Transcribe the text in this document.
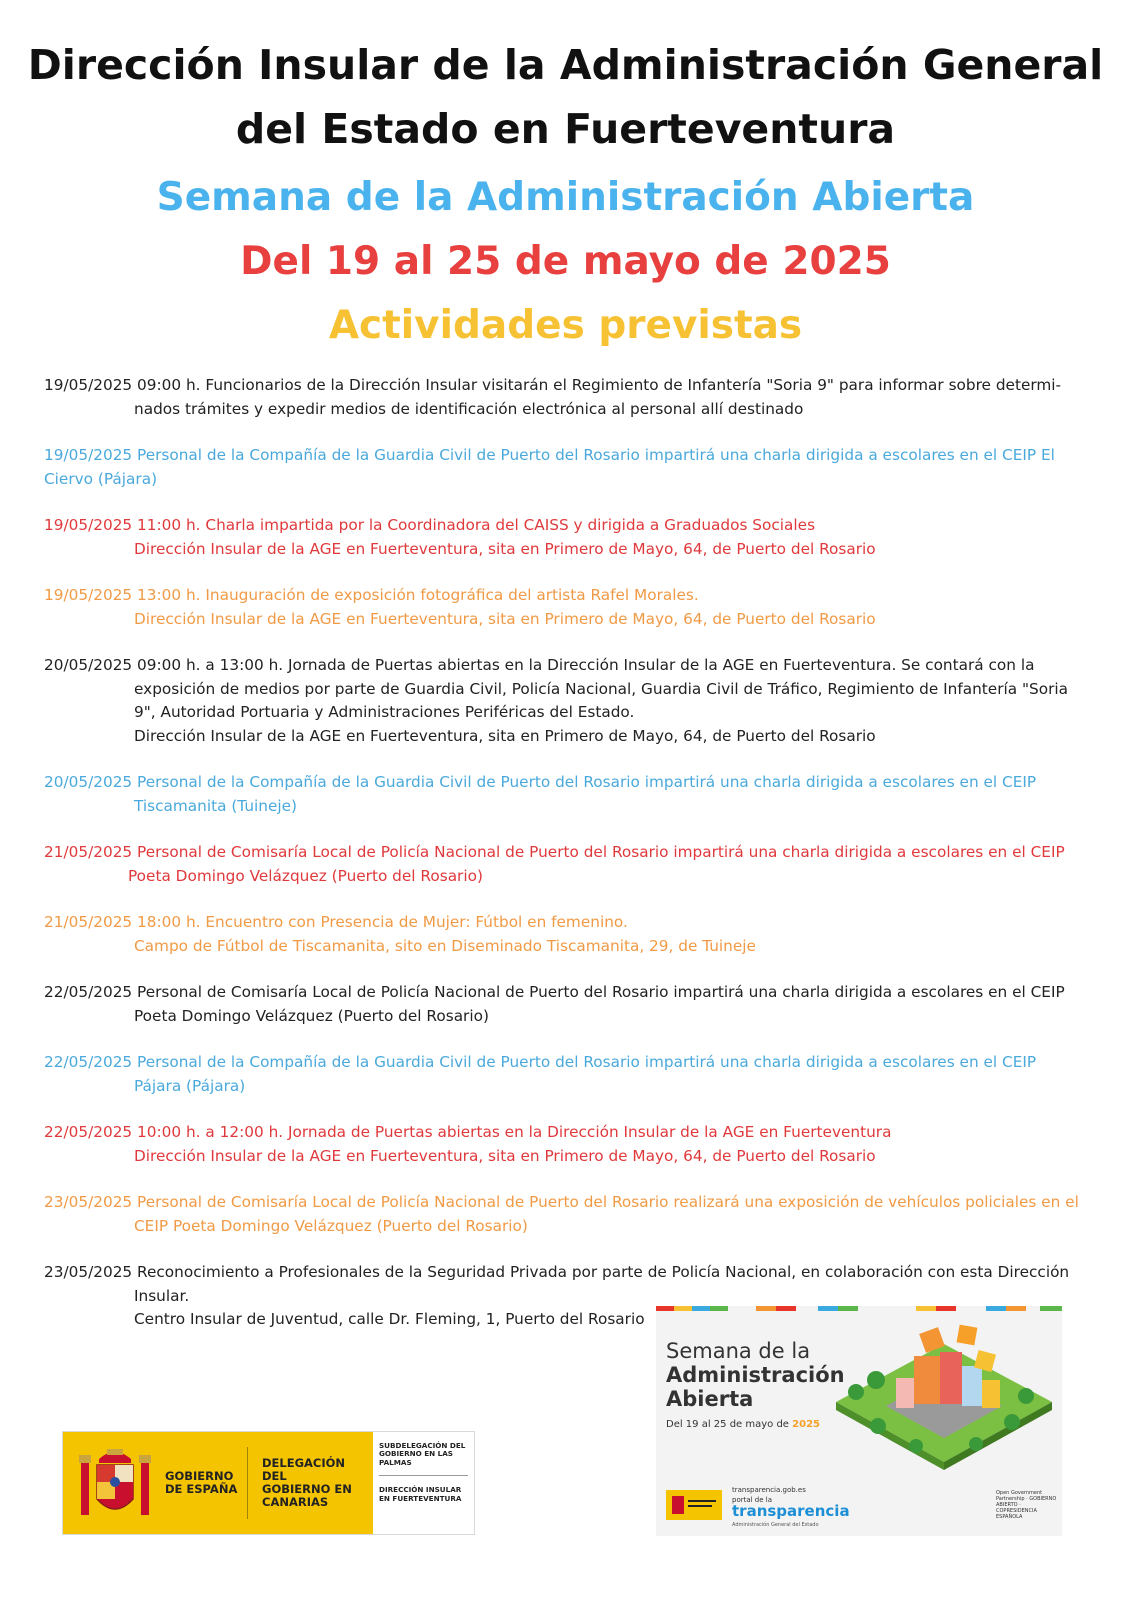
Dirección Insular de la Administración General
del Estado en Fuerteventura
Semana de la Administración Abierta
Del 19 al 25 de mayo de 2025
Actividades previstas
19/05/2025 09:00 h. Funcionarios de la Dirección Insular visitarán el Regimiento de Infantería "Soria 9" para informar sobre determi-
nados trámites y expedir medios de identificación electrónica al personal allí destinado
19/05/2025 Personal de la Compañía de la Guardia Civil de Puerto del Rosario impartirá una charla dirigida a escolares en el CEIP El
Ciervo (Pájara)
19/05/2025 11:00 h. Charla impartida por la Coordinadora del CAISS y dirigida a Graduados Sociales
Dirección Insular de la AGE en Fuerteventura, sita en Primero de Mayo, 64, de Puerto del Rosario
19/05/2025 13:00 h. Inauguración de exposición fotográfica del artista Rafel Morales.
Dirección Insular de la AGE en Fuerteventura, sita en Primero de Mayo, 64, de Puerto del Rosario
20/05/2025 09:00 h. a 13:00 h. Jornada de Puertas abiertas en la Dirección Insular de la AGE en Fuerteventura. Se contará con la
exposición de medios por parte de Guardia Civil, Policía Nacional, Guardia Civil de Tráfico, Regimiento de Infantería "Soria
9", Autoridad Portuaria y Administraciones Periféricas del Estado.
Dirección Insular de la AGE en Fuerteventura, sita en Primero de Mayo, 64, de Puerto del Rosario
20/05/2025 Personal de la Compañía de la Guardia Civil de Puerto del Rosario impartirá una charla dirigida a escolares en el CEIP
Tiscamanita (Tuineje)
21/05/2025 Personal de Comisaría Local de Policía Nacional de Puerto del Rosario impartirá una charla dirigida a escolares en el CEIP
Poeta Domingo Velázquez (Puerto del Rosario)
21/05/2025 18:00 h. Encuentro con Presencia de Mujer: Fútbol en femenino.
Campo de Fútbol de Tiscamanita, sito en Diseminado Tiscamanita, 29, de Tuineje
22/05/2025 Personal de Comisaría Local de Policía Nacional de Puerto del Rosario impartirá una charla dirigida a escolares en el CEIP
Poeta Domingo Velázquez (Puerto del Rosario)
22/05/2025 Personal de la Compañía de la Guardia Civil de Puerto del Rosario impartirá una charla dirigida a escolares en el CEIP
Pájara (Pájara)
22/05/2025 10:00 h. a 12:00 h. Jornada de Puertas abiertas en la Dirección Insular de la AGE en Fuerteventura
Dirección Insular de la AGE en Fuerteventura, sita en Primero de Mayo, 64, de Puerto del Rosario
23/05/2025 Personal de Comisaría Local de Policía Nacional de Puerto del Rosario realizará una exposición de vehículos policiales en el
CEIP Poeta Domingo Velázquez (Puerto del Rosario)
23/05/2025 Reconocimiento a Profesionales de la Seguridad Privada por parte de Policía Nacional, en colaboración con esta Dirección
Insular.
Centro Insular de Juventud, calle Dr. Fleming, 1, Puerto del Rosario
GOBIERNO DE ESPAÑA
DELEGACIÓN DEL GOBIERNO EN CANARIAS
SUBDELEGACIÓN DEL GOBIERNO EN LAS PALMAS
DIRECCIÓN INSULAR EN FUERTEVENTURA
Semana de la
Administración
Abierta
Del 19 al 25 de mayo de 2025
transparencia.gob.es
portal de la
transparencia
Administración General del Estado
Open Government Partnership · GOBIERNO ABIERTO · COPRESIDENCIA ESPAÑOLA
